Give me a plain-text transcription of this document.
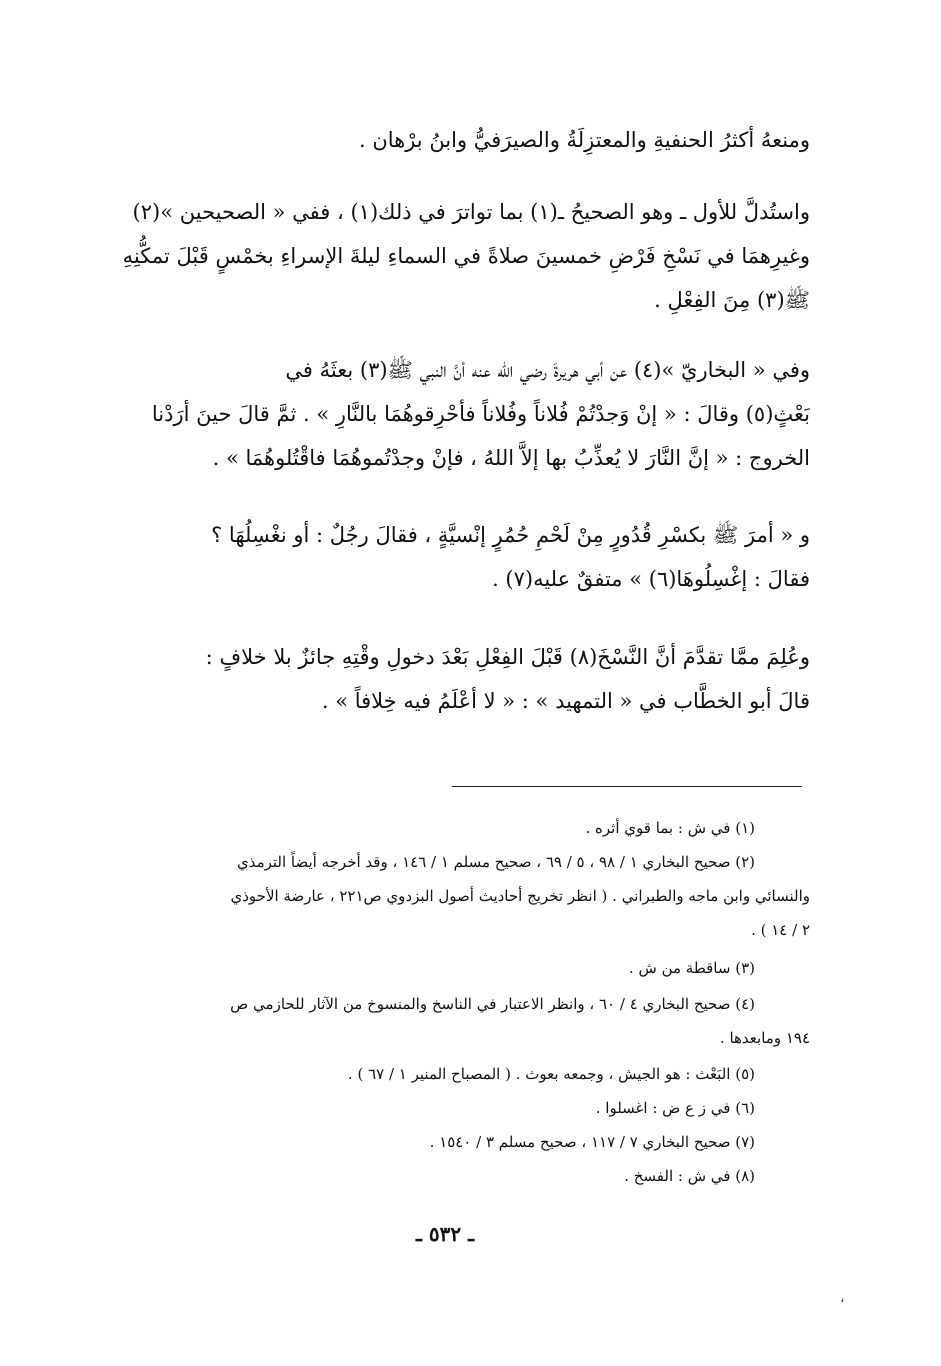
ومنعهُ أكثرُ الحنفيةِ والمعتزِلَةُ والصيرَفيُّ وابنُ برْهان .
واستُدلَّ للأول ـ وهو الصحيحُ ـ(١) بما تواترَ في ذلك(١) ، ففي « الصحيحين »(٢)
وغيرِهمَا في نَسْخِ فَرْضِ خمسينَ صلاةً في السماءِ ليلةَ الإسراءِ بخمْسٍ قَبْلَ تمكُّنِهِ
ﷺ(٣) مِنَ الفِعْلِ .
وفي « البخاريّ »(٤) عن أبي هريرةَ رضي الله عنه أنَّ النبي ﷺ(٣) بعثَهُ في
بَعْثٍ(٥) وقالَ : « إنْ وَجدْتُمْ فُلاناً وفُلاناً فأحْرِقوهُمَا بالنَّارِ » . ثمَّ قالَ حينَ أرَدْنا
الخروج : « إنَّ النَّارَ لا يُعذِّبُ بها إلاَّ اللهُ ، فإنْ وجدْتُموهُمَا فاقْتُلوهُمَا » .
و « أمرَ ﷺ بكسْرِ قُدُورٍ مِنْ لَحْمِ حُمُرٍ إنْسيَّةٍ ، فقالَ رجُلٌ : أو نغْسِلُهَا ؟
فقالَ : إغْسِلُوهَا(٦) » متفقٌ عليه(٧) .
وعُلِمَ ممَّا تقدَّمَ أنَّ النَّسْخَ(٨) قَبْلَ الفِعْلِ بَعْدَ دخولِ وقْتِهِ جائزٌ بلا خلافٍ :
قالَ أبو الخطَّاب في « التمهيد » : « لا أعْلَمُ فيه خِلافاً » .
(١) في ش : بما قوي أثره .
(٢) صحيح البخاري ١ / ٩٨ ، ٥ / ٦٩ ، صحيح مسلم ١ / ١٤٦ ، وقد أخرجه أيضاً الترمذي
والنسائي وابن ماجه والطبراني . ( انظر تخريج أحاديث أصول البزدوي ص٢٢١ ، عارضة الأحوذي
٢ / ١٤ ) .
(٣) ساقطة من ش .
(٤) صحيح البخاري ٤ / ٦٠ ، وانظر الاعتبار في الناسخ والمنسوخ من الآثار للحازمي ص
١٩٤ ومابعدها .
(٥) البَعْث : هو الجيش ، وجمعه بعوث . ( المصباح المنير ١ / ٦٧ ) .
(٦) في ز ع ض : اغسلوا .
(٧) صحيح البخاري ٧ / ١١٧ ، صحيح مسلم ٣ / ١٥٤٠ .
(٨) في ش : الفسخ .
ـ ٥٣٢ ـ
،
